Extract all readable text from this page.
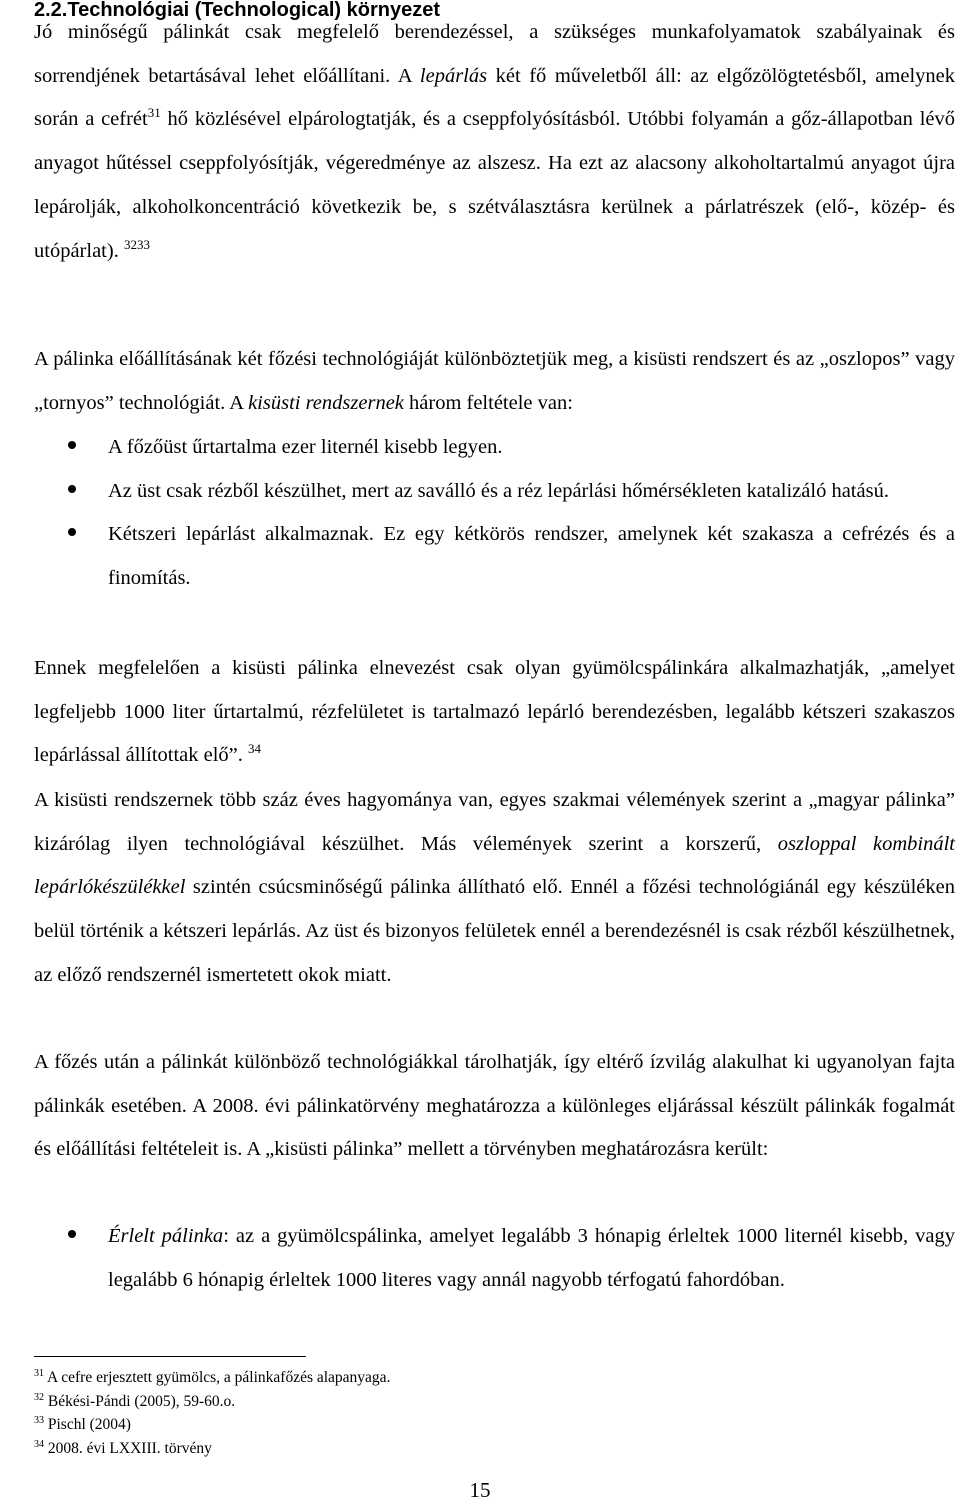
2.2.Technológiai (Technological) környezet

Jó minőségű pálinkát csak megfelelő berendezéssel, a szükséges munkafolyamatok szabályainak és sorrendjének betartásával lehet előállítani. A lepárlás két fő műveletből áll: az elgőzölögtetésből, amelynek során a cefrét$^{31}$ hő közlésével elpárologtatják, és a cseppfolyósításból. Utóbbi folyamán a gőz-állapotban lévő anyagot hűtéssel cseppfolyósítják, végeredménye az alszesz. Ha ezt az alacsony alkoholtartalmú anyagot újra lepárolják, alkoholkoncentráció következik be, s szétválasztásra kerülnek a párlatrészek (elő-, közép- és utópárlat). $^{3233}$

A pálinka előállításának két főzési technológiáját különböztetjük meg, a kisüsti rendszert és az „oszlopos” vagy „tornyos” technológiát. A kisüsti rendszernek három feltétele van:

A főzőüst űrtartalma ezer liternél kisebb legyen.
Az üst csak rézből készülhet, mert az saválló és a réz lepárlási hőmérsékleten katalizáló hatású.
Kétszeri lepárlást alkalmaznak. Ez egy kétkörös rendszer, amelynek két szakasza a cefrézés és a finomítás.

Ennek megfelelően a kisüsti pálinka elnevezést csak olyan gyümölcspálinkára alkalmazhatják, „amelyet legfeljebb 1000 liter űrtartalmú, rézfelületet is tartalmazó lepárló berendezésben, legalább kétszeri szakaszos lepárlással állítottak elő”. $^{34}$

A kisüsti rendszernek több száz éves hagyománya van, egyes szakmai vélemények szerint a „magyar pálinka” kizárólag ilyen technológiával készülhet. Más vélemények szerint a korszerű, oszloppal kombinált lepárlókészülékkel szintén csúcsminőségű pálinka állítható elő. Ennél a főzési technológiánál egy készüléken belül történik a kétszeri lepárlás. Az üst és bizonyos felületek ennél a berendezésnél is csak rézből készülhetnek, az előző rendszernél ismertetett okok miatt.

A főzés után a pálinkát különböző technológiákkal tárolhatják, így eltérő ízvilág alakulhat ki ugyanolyan fajta pálinkák esetében. A 2008. évi pálinkatörvény meghatározza a különleges eljárással készült pálinkák fogalmát és előállítási feltételeit is. A „kisüsti pálinka” mellett a törvényben meghatározásra került:

Érlelt pálinka: az a gyümölcspálinka, amelyet legalább 3 hónapig érleltek 1000 liternél kisebb, vagy legalább 6 hónapig érleltek 1000 literes vagy annál nagyobb térfogatú fahordóban.
$^{31}$ A cefre erjesztett gyümölcs, a pálinkafőzés alapanyaga.
$^{32}$ Békési-Pándi (2005), 59-60.o.
$^{33}$ Pischl (2004)
$^{34}$ 2008. évi LXXIII. törvény
15
